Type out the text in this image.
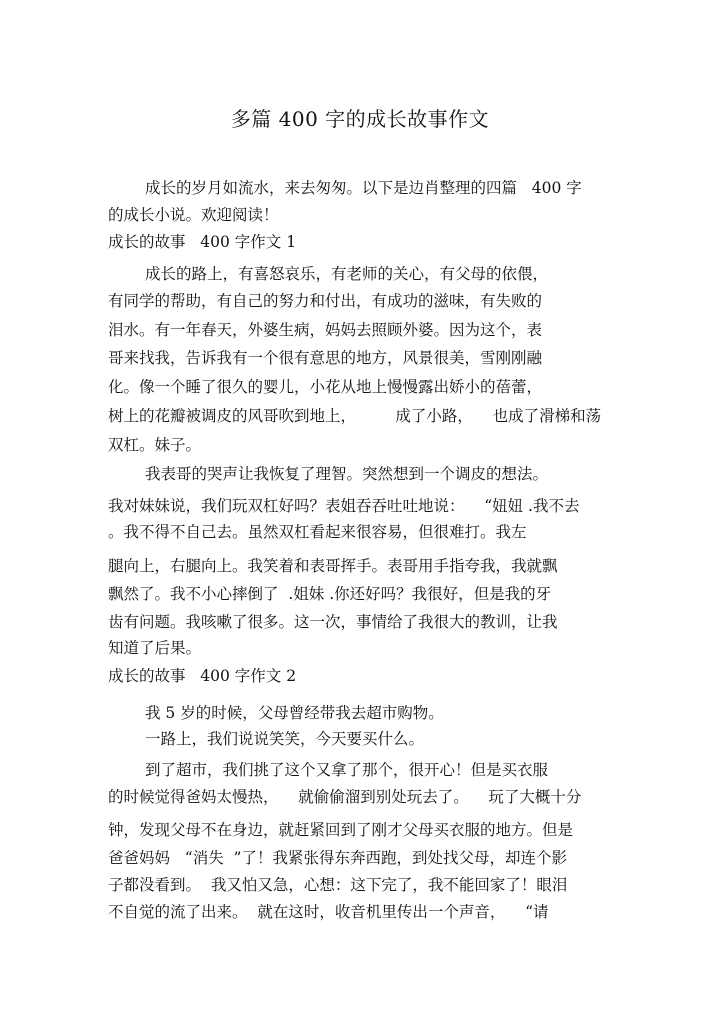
多篇 400 字的成长故事作文
成长的岁月如流水，来去匆匆。以下是边肖整理的四篇   400 字
的成长小说。欢迎阅读！
成长的故事   400 字作文 1
成长的路上，有喜怒哀乐，有老师的关心，有父母的依偎，
有同学的帮助，有自己的努力和付出，有成功的滋味，有失败的
泪水。有一年春天，外婆生病，妈妈去照顾外婆。因为这个，表
哥来找我，告诉我有一个很有意思的地方，风景很美，雪刚刚融
化。像一个睡了很久的婴儿，小花从地上慢慢露出娇小的蓓蕾，
树上的花瓣被调皮的风哥吹到地上，        成了小路，    也成了滑梯和荡
双杠。妹子。
我表哥的哭声让我恢复了理智。突然想到一个调皮的想法。
我对妹妹说，我们玩双杠好吗？表姐吞吞吐吐地说：    “妞妞 .我不去
。我不得不自己去。虽然双杠看起来很容易，但很难打。我左
腿向上，右腿向上。我笑着和表哥挥手。表哥用手指夸我，我就飘
飘然了。我不小心摔倒了  .姐妹 .你还好吗？我很好，但是我的牙
齿有问题。我咳嗽了很多。这一次，事情给了我很大的教训，让我
知道了后果。
成长的故事   400 字作文 2
我 5 岁的时候，父母曾经带我去超市购物。
一路上，我们说说笑笑，今天要买什么。
到了超市，我们挑了这个又拿了那个，很开心！但是买衣服
的时候觉得爸妈太慢热，    就偷偷溜到别处玩去了。    玩了大概十分
钟，发现父母不在身边，就赶紧回到了刚才父母买衣服的地方。但是
爸爸妈妈   “消失  ”了！我紧张得东奔西跑，到处找父母，却连个影
子都没看到。  我又怕又急，心想：这下完了，我不能回家了！眼泪
不自觉的流了出来。  就在这时，收音机里传出一个声音，    “请
